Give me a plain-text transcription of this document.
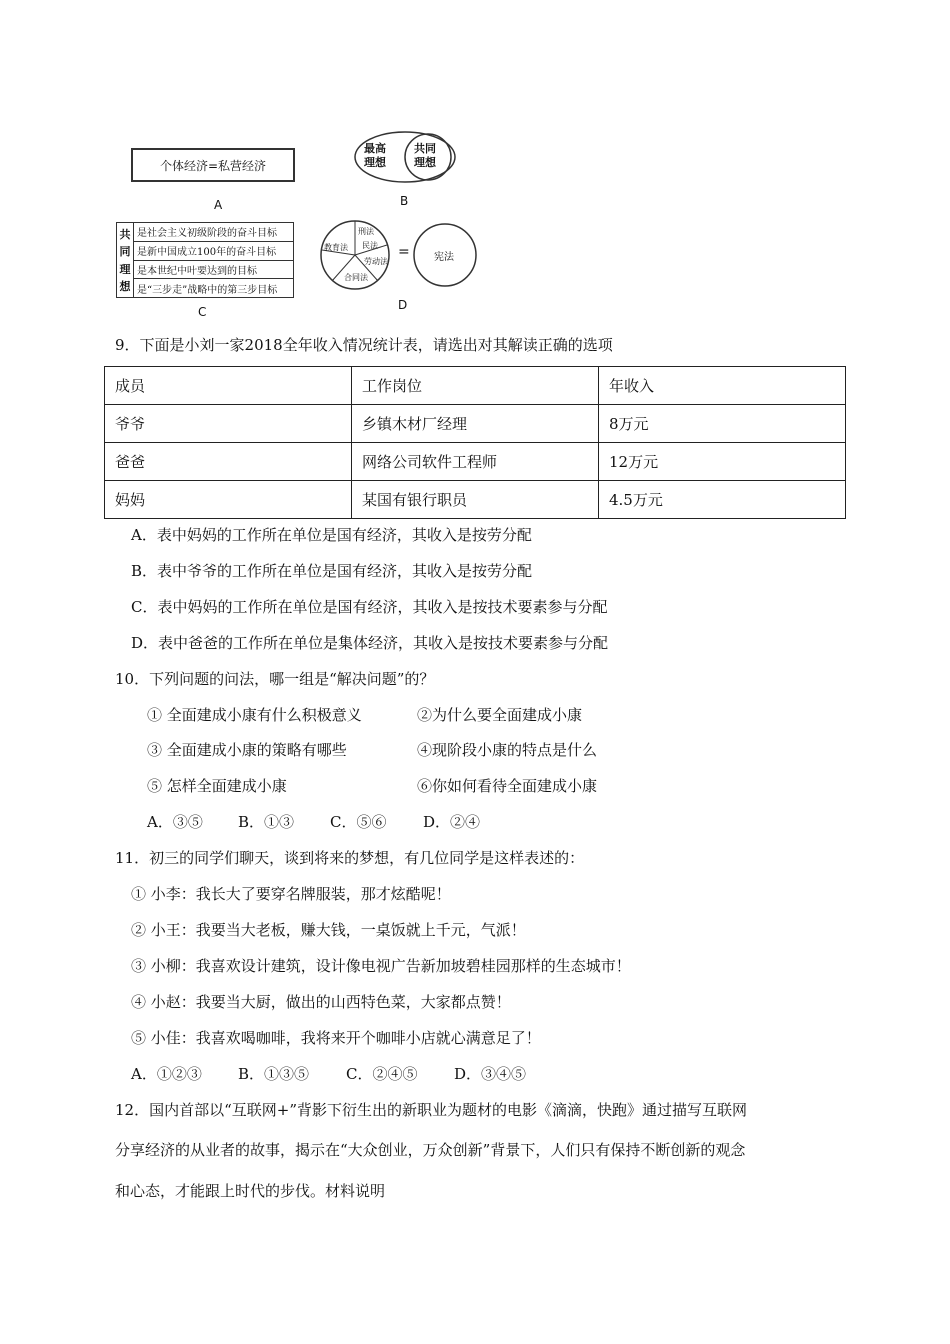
个体经济=私营经济
A
最高理想
共同理想
B
共
同
理
想
是社会主义初级阶段的奋斗目标
是新中国成立100年的奋斗目标
是本世纪中叶要达到的目标
是“三步走”战略中的第三步目标
C
刑法
民法
劳动法
合同法
教育法	= 宪法
D
9．下面是小刘一家2018全年收入情况统计表，请选出对其解读正确的选项
成员	工作岗位	年收入
爷爷	乡镇木材厂经理	8万元
爸爸	网络公司软件工程师	12万元
妈妈	某国有银行职员	4.5万元
A．表中妈妈的工作所在单位是国有经济，其收入是按劳分配
B．表中爷爷的工作所在单位是国有经济，其收入是按劳分配
C．表中妈妈的工作所在单位是国有经济，其收入是按技术要素参与分配
D．表中爸爸的工作所在单位是集体经济，其收入是按技术要素参与分配
10．下列问题的问法，哪一组是“解决问题”的？
① 全面建成小康有什么积极意义	②为什么要全面建成小康
③ 全面建成小康的策略有哪些	④现阶段小康的特点是什么
⑤ 怎样全面建成小康	⑥你如何看待全面建成小康
A．③⑤ B．①③ C．⑤⑥ D．②④
11．初三的同学们聊天，谈到将来的梦想，有几位同学是这样表述的：
① 小李：我长大了要穿名牌服装，那才炫酷呢！
② 小王：我要当大老板，赚大钱，一桌饭就上千元，气派！
③ 小柳：我喜欢设计建筑，设计像电视广告新加坡碧桂园那样的生态城市！
④ 小赵：我要当大厨，做出的山西特色菜，大家都点赞！
⑤ 小佳：我喜欢喝咖啡，我将来开个咖啡小店就心满意足了！
A．①②③ B．①③⑤ C．②④⑤ D．③④⑤
12．国内首部以“互联网+”背影下衍生出的新职业为题材的电影《滴滴，快跑》通过描写互联网
分享经济的从业者的故事，揭示在“大众创业，万众创新”背景下，人们只有保持不断创新的观念
和心态，才能跟上时代的步伐。材料说明
